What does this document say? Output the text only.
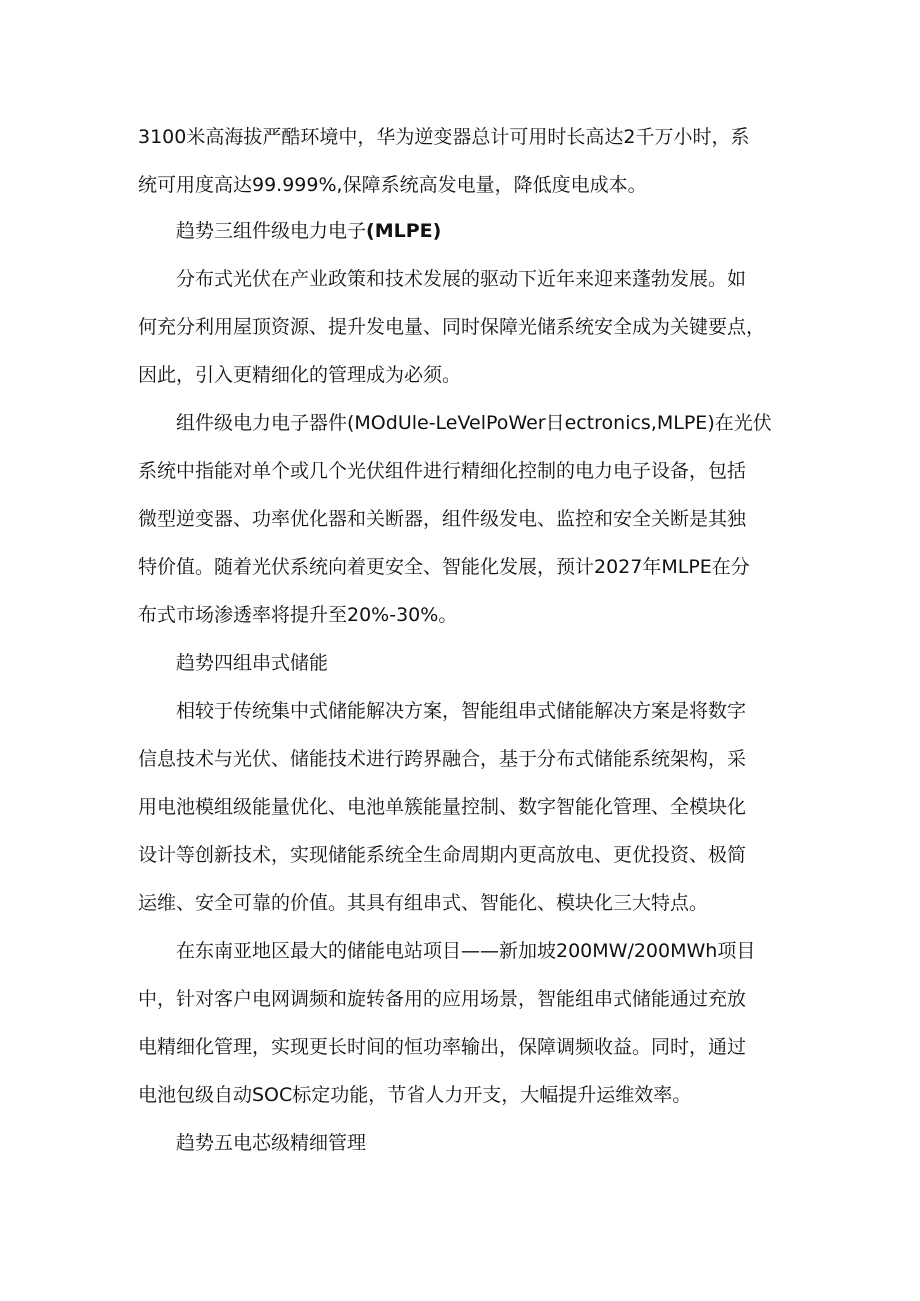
3100米高海拔严酷环境中，华为逆变器总计可用时长高达2千万小时，系
统可用度高达99.999%,保障系统高发电量，降低度电成本。
趋势三组件级电力电子(MLPE)
分布式光伏在产业政策和技术发展的驱动下近年来迎来蓬勃发展。如
何充分利用屋顶资源、提升发电量、同时保障光储系统安全成为关键要点，
因此，引入更精细化的管理成为必须。
组件级电力电子器件(MOdUle-LeVelPoWer日ectronics,MLPE)在光伏
系统中指能对单个或几个光伏组件进行精细化控制的电力电子设备，包括
微型逆变器、功率优化器和关断器，组件级发电、监控和安全关断是其独
特价值。随着光伏系统向着更安全、智能化发展，预计2027年MLPE在分
布式市场渗透率将提升至20%-30%。
趋势四组串式储能
相较于传统集中式储能解决方案，智能组串式储能解决方案是将数字
信息技术与光伏、储能技术进行跨界融合，基于分布式储能系统架构，采
用电池模组级能量优化、电池单簇能量控制、数字智能化管理、全模块化
设计等创新技术，实现储能系统全生命周期内更高放电、更优投资、极简
运维、安全可靠的价值。其具有组串式、智能化、模块化三大特点。
在东南亚地区最大的储能电站项目——新加坡200MW/200MWh项目
中，针对客户电网调频和旋转备用的应用场景，智能组串式储能通过充放
电精细化管理，实现更长时间的恒功率输出，保障调频收益。同时，通过
电池包级自动SOC标定功能，节省人力开支，大幅提升运维效率。
趋势五电芯级精细管理
